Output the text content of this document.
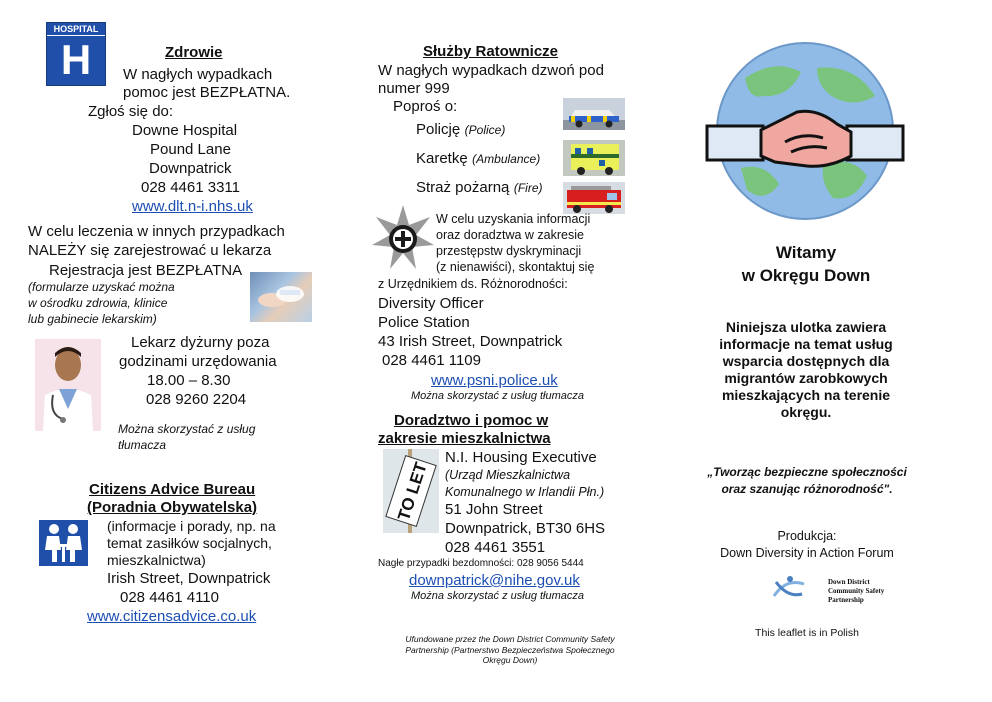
HOSPITAL
H	Zdrowie
W nagłych wypadkach
pomoc jest BEZPŁATNA.
Zgłoś się do:
Downe Hospital
Pound Lane
Downpatrick
028 4461 3311
www.dlt.n-i.nhs.uk
W celu leczenia w innych przypadkach
NALEŻY się zarejestrować u lekarza
Rejestracja jest BEZPŁATNA
(formularze uzyskać można
w ośrodku zdrowia, klinice
lub gabinecie lekarskim)
Lekarz dyżurny poza
godzinami urzędowania
18.00 – 8.30
028 9260 2204
Można skorzystać z usług
tłumacza
Citizens Advice Bureau
(Poradnia Obywatelska)
(informacje i porady, np. na
temat zasiłków socjalnych,
mieszkalnictwa)
Irish Street, Downpatrick
028 4461 4110
www.citizensadvice.co.uk
Służby Ratownicze
W nagłych wypadkach dzwoń pod
numer 999
Poproś o:
Policję (Police)
Karetkę (Ambulance)
Straż pożarną (Fire)
W celu uzyskania informacji
oraz doradztwa w zakresie
przestępstw dyskryminacji
(z nienawiści), skontaktuj się
z Urzędnikiem ds. Różnorodności:
Diversity Officer
Police Station
43 Irish Street, Downpatrick
028 4461 1109
www.psni.police.uk
Można skorzystać z usług tłumacza
Doradztwo i pomoc w
zakresie mieszkalnictwa
TO LET
N.I. Housing Executive
(Urząd Mieszkalnictwa
Komunalnego w Irlandii Płn.)
51 John Street
Downpatrick, BT30 6HS
028 4461 3551
Nagłe przypadki bezdomności: 028 9056 5444
downpatrick@nihe.gov.uk
Można skorzystać z usług tłumacza
Ufundowane przez the Down District Community Safety Partnership (Partnerstwo Bezpieczeństwa Społecznego Okręgu Down)
Witamy
w Okręgu Down
Niniejsza ulotka zawiera
informacje na temat usług
wsparcia dostępnych dla
migrantów zarobkowych
mieszkających na terenie
okręgu.
„Tworząc bezpieczne społeczności
oraz szanując różnorodność".
Produkcja:
Down Diversity in Action Forum
Down District
Community Safety
Partnership
This leaflet is in Polish
